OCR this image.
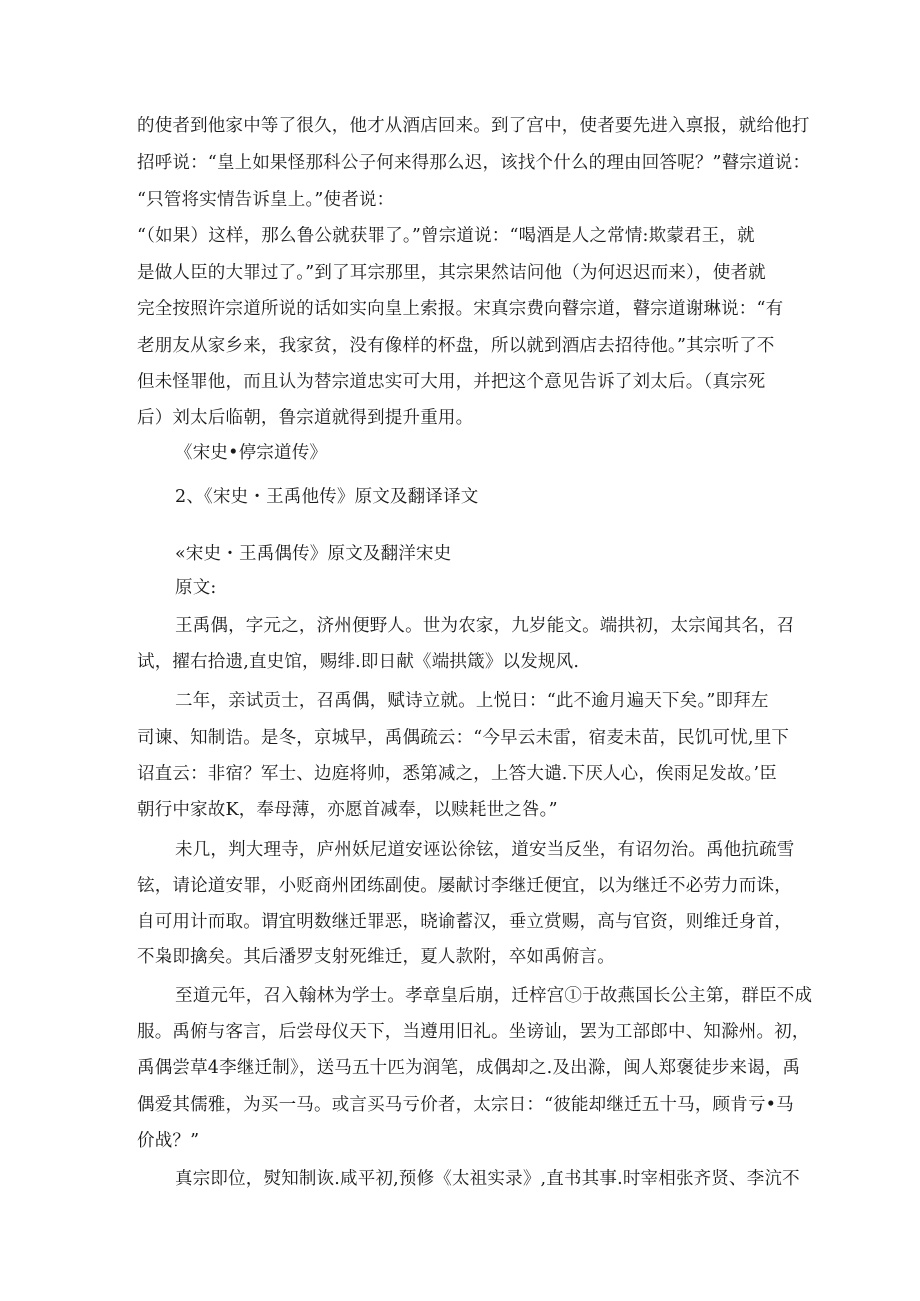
的使者到他家中等了很久，他才从酒店回来。到了宫中，使者要先进入禀报，就给他打
招呼说：“皇上如果怪那科公子何来得那么迟，该找个什么的理由回答呢？”瞽宗道说：
“只管将实情告诉皇上。”使者说：
“（如果）这样，那么鲁公就获罪了。”曾宗道说：“喝酒是人之常情:欺蒙君王，就
是做人臣的大罪过了。”到了耳宗那里，其宗果然诘问他（为何迟迟而来），使者就
完全按照许宗道所说的话如实向皇上索报。宋真宗费向瞽宗道，瞽宗道谢琳说：“有
老朋友从家乡来，我家贫，没有像样的杯盘，所以就到酒店去招待他。”其宗听了不
但未怪罪他，而且认为替宗道忠实可大用，并把这个意见告诉了刘太后。（真宗死
后）刘太后临朝，鲁宗道就得到提升重用。
《宋史•停宗道传》
2、《宋史・王禹他传》原文及翻译译文
«宋史・王禹偶传》原文及翻洋宋史
原文:
王禹偶，字元之，济州便野人。世为农家，九岁能文。端拱初，太宗闻其名，召
试，擢右拾遗,直史馆，赐绯.即日献《端拱箴》以发规风.
二年，亲试贡士，召禹偶，赋诗立就。上悦日：“此不逾月遍天下矣。”即拜左
司谏、知制诰。是冬，京城早，禹偶疏云：“今早云未雷，宿麦未苗，民饥可忧,里下
诏直云：非宿？军士、边庭将帅，悉第减之，上答大谴.下厌人心，俟雨足发故。’臣
朝行中家故K，奉母薄，亦愿首减奉，以赎耗世之咎。”
未几，判大理寺，庐州妖尼道安诬讼徐铉，道安当反坐，有诏勿治。禹他抗疏雪
铉，请论道安罪，小贬商州团练副使。屡献讨李继迁便宜，以为继迁不必劳力而诛，
自可用计而取。谓宜明数继迁罪恶，晓谕蓄汉，垂立赏赐，高与官资，则维迁身首，
不枭即擒矣。其后潘罗支射死维迁，夏人款附，卒如禹俯言。
至道元年，召入翰林为学士。孝章皇后崩，迁梓宫①于故燕国长公主第，群臣不成
服。禹俯与客言，后尝母仪天下，当遵用旧礼。坐谤讪，罢为工部郎中、知滁州。初，
禹偶尝草4李继迁制》，送马五十匹为润笔，成偶却之.及出滁，闽人郑褒徒步来谒，禹
偶爱其儒雅，为买一马。或言买马亏价者，太宗日：“彼能却继迁五十马，顾肯亏•马
价战？”
真宗即位，熨知制诙.咸平初,预修《太祖实录》,直书其事.时宰相张齐贤、李沆不
